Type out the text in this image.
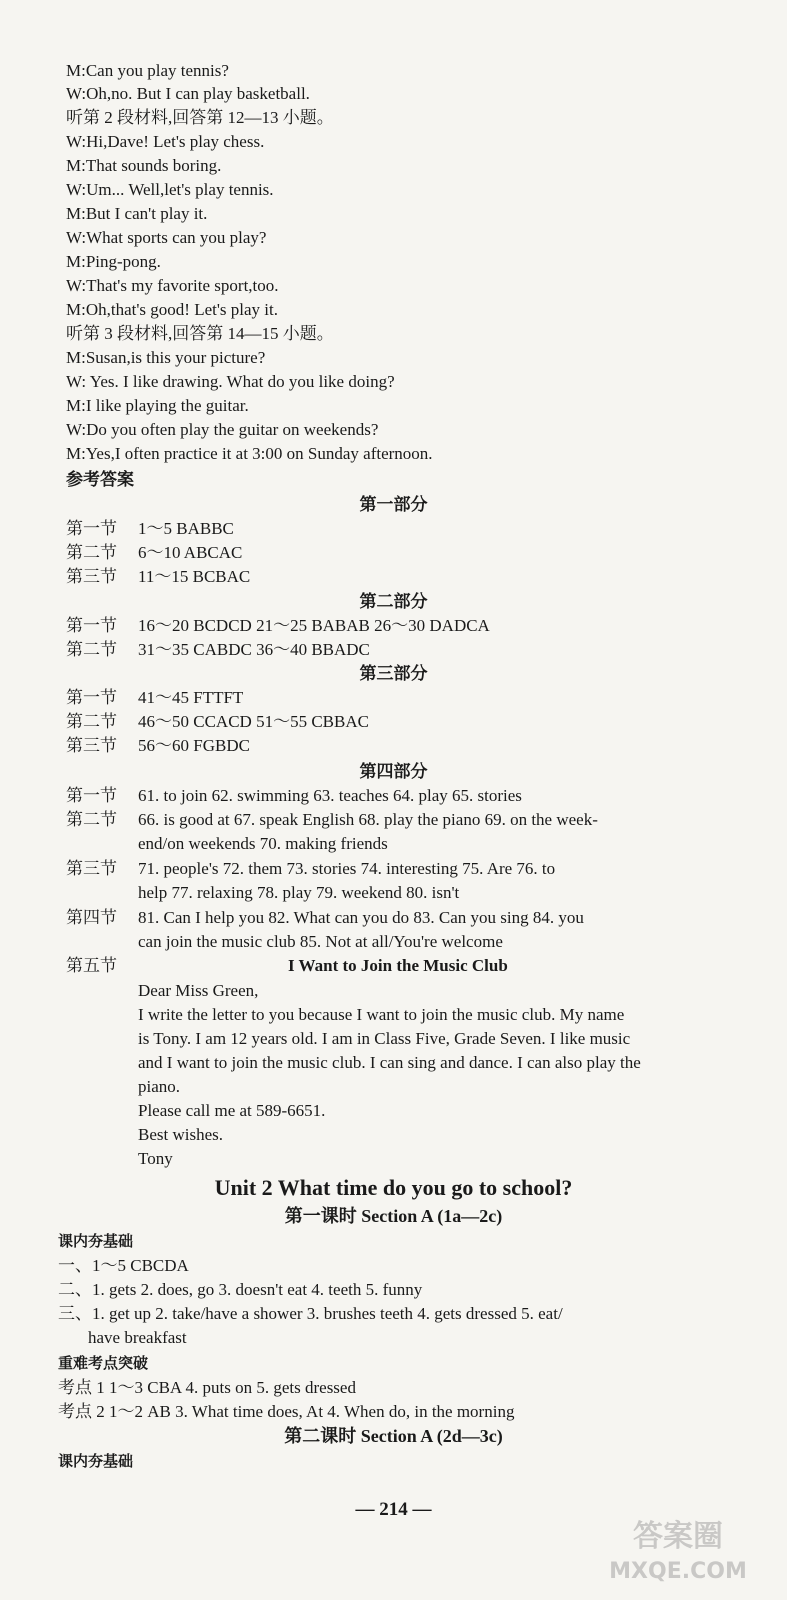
M:Can you play tennis?
W:Oh,no. But I can play basketball.
听第 2 段材料,回答第 12—13 小题。
W:Hi,Dave! Let's play chess.
M:That sounds boring.
W:Um... Well,let's play tennis.
M:But I can't play it.
W:What sports can you play?
M:Ping-pong.
W:That's my favorite sport,too.
M:Oh,that's good! Let's play it.
听第 3 段材料,回答第 14—15 小题。
M:Susan,is this your picture?
W: Yes. I like drawing. What do you like doing?
M:I like playing the guitar.
W:Do you often play the guitar on weekends?
M:Yes,I often practice it at 3:00 on Sunday afternoon.
参考答案
第一部分
第一节 1～5 BABBC
第二节 6～10 ABCAC
第三节 11～15 BCBAC
第二部分
第一节 16～20 BCDCD 21～25 BABAB 26～30 DADCA
第二节 31～35 CABDC 36～40 BBADC
第三部分
第一节 41～45 FTTFT
第二节 46～50 CCACD 51～55 CBBAC
第三节 56～60 FGBDC
第四部分
第一节 61. to join 62. swimming 63. teaches 64. play 65. stories
第二节 66. is good at 67. speak English 68. play the piano 69. on the week-
end/on weekends 70. making friends
第三节 71. people's 72. them 73. stories 74. interesting 75. Are 76. to
help 77. relaxing 78. play 79. weekend 80. isn't
第四节 81. Can I help you 82. What can you do 83. Can you sing 84. you
can join the music club 85. Not at all/You're welcome
第五节	I Want to Join the Music Club
Dear Miss Green,
I write the letter to you because I want to join the music club. My name
is Tony. I am 12 years old. I am in Class Five, Grade Seven. I like music
and I want to join the music club. I can sing and dance. I can also play the
piano.
Please call me at 589-6651.
Best wishes.
Tony
Unit 2 What time do you go to school?
第一课时 Section A (1a—2c)
课内夯基础
一、1～5 CBCDA
二、1. gets 2. does, go 3. doesn't eat 4. teeth 5. funny
三、1. get up 2. take/have a shower 3. brushes teeth 4. gets dressed 5. eat/
have breakfast
重难考点突破
考点 1 1～3 CBA 4. puts on 5. gets dressed
考点 2 1～2 AB 3. What time does, At 4. When do, in the morning
第二课时 Section A (2d—3c)
课内夯基础
— 214 —
答案圈
MXQE.COM
